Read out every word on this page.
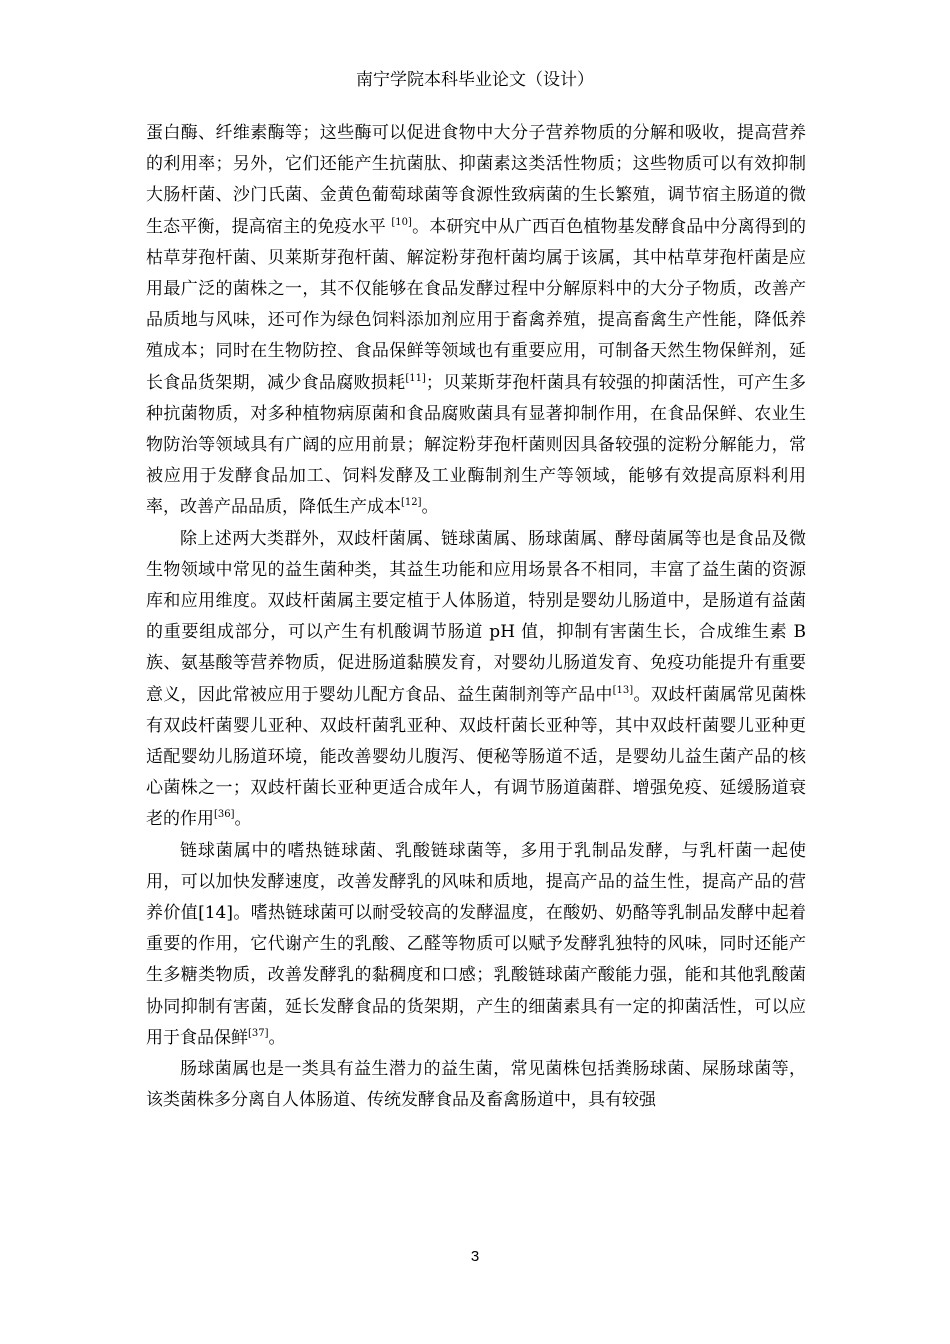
南宁学院本科毕业论文（设计）

蛋白酶、纤维素酶等；这些酶可以促进食物中大分子营养物质的分解和吸收，提高营养的利用率；另外，它们还能产生抗菌肽、抑菌素这类活性物质；这些物质可以有效抑制大肠杆菌、沙门氏菌、金黄色葡萄球菌等食源性致病菌的生长繁殖，调节宿主肠道的微生态平衡，提高宿主的免疫水平 [10]。本研究中从广西百色植物基发酵食品中分离得到的枯草芽孢杆菌、贝莱斯芽孢杆菌、解淀粉芽孢杆菌均属于该属，其中枯草芽孢杆菌是应用最广泛的菌株之一，其不仅能够在食品发酵过程中分解原料中的大分子物质，改善产品质地与风味，还可作为绿色饲料添加剂应用于畜禽养殖，提高畜禽生产性能，降低养殖成本；同时在生物防控、食品保鲜等领域也有重要应用，可制备天然生物保鲜剂，延长食品货架期，减少食品腐败损耗[11]；贝莱斯芽孢杆菌具有较强的抑菌活性，可产生多种抗菌物质，对多种植物病原菌和食品腐败菌具有显著抑制作用，在食品保鲜、农业生物防治等领域具有广阔的应用前景；解淀粉芽孢杆菌则因具备较强的淀粉分解能力，常被应用于发酵食品加工、饲料发酵及工业酶制剂生产等领域，能够有效提高原料利用率，改善产品品质，降低生产成本[12]。

除上述两大类群外，双歧杆菌属、链球菌属、肠球菌属、酵母菌属等也是食品及微生物领域中常见的益生菌种类，其益生功能和应用场景各不相同，丰富了益生菌的资源库和应用维度。双歧杆菌属主要定植于人体肠道，特别是婴幼儿肠道中，是肠道有益菌的重要组成部分，可以产生有机酸调节肠道 pH 值，抑制有害菌生长，合成维生素 B 族、氨基酸等营养物质，促进肠道黏膜发育，对婴幼儿肠道发育、免疫功能提升有重要意义，因此常被应用于婴幼儿配方食品、益生菌制剂等产品中[13]。双歧杆菌属常见菌株有双歧杆菌婴儿亚种、双歧杆菌乳亚种、双歧杆菌长亚种等，其中双歧杆菌婴儿亚种更适配婴幼儿肠道环境，能改善婴幼儿腹泻、便秘等肠道不适，是婴幼儿益生菌产品的核心菌株之一；双歧杆菌长亚种更适合成年人，有调节肠道菌群、增强免疫、延缓肠道衰老的作用[36]。

链球菌属中的嗜热链球菌、乳酸链球菌等，多用于乳制品发酵，与乳杆菌一起使用，可以加快发酵速度，改善发酵乳的风味和质地，提高产品的益生性，提高产品的营养价值[14]。嗜热链球菌可以耐受较高的发酵温度，在酸奶、奶酪等乳制品发酵中起着重要的作用，它代谢产生的乳酸、乙醛等物质可以赋予发酵乳独特的风味，同时还能产生多糖类物质，改善发酵乳的黏稠度和口感；乳酸链球菌产酸能力强，能和其他乳酸菌协同抑制有害菌，延长发酵食品的货架期，产生的细菌素具有一定的抑菌活性，可以应用于食品保鲜[37]。

肠球菌属也是一类具有益生潜力的益生菌，常见菌株包括粪肠球菌、屎肠球菌等，该类菌株多分离自人体肠道、传统发酵食品及畜禽肠道中，具有较强

3
